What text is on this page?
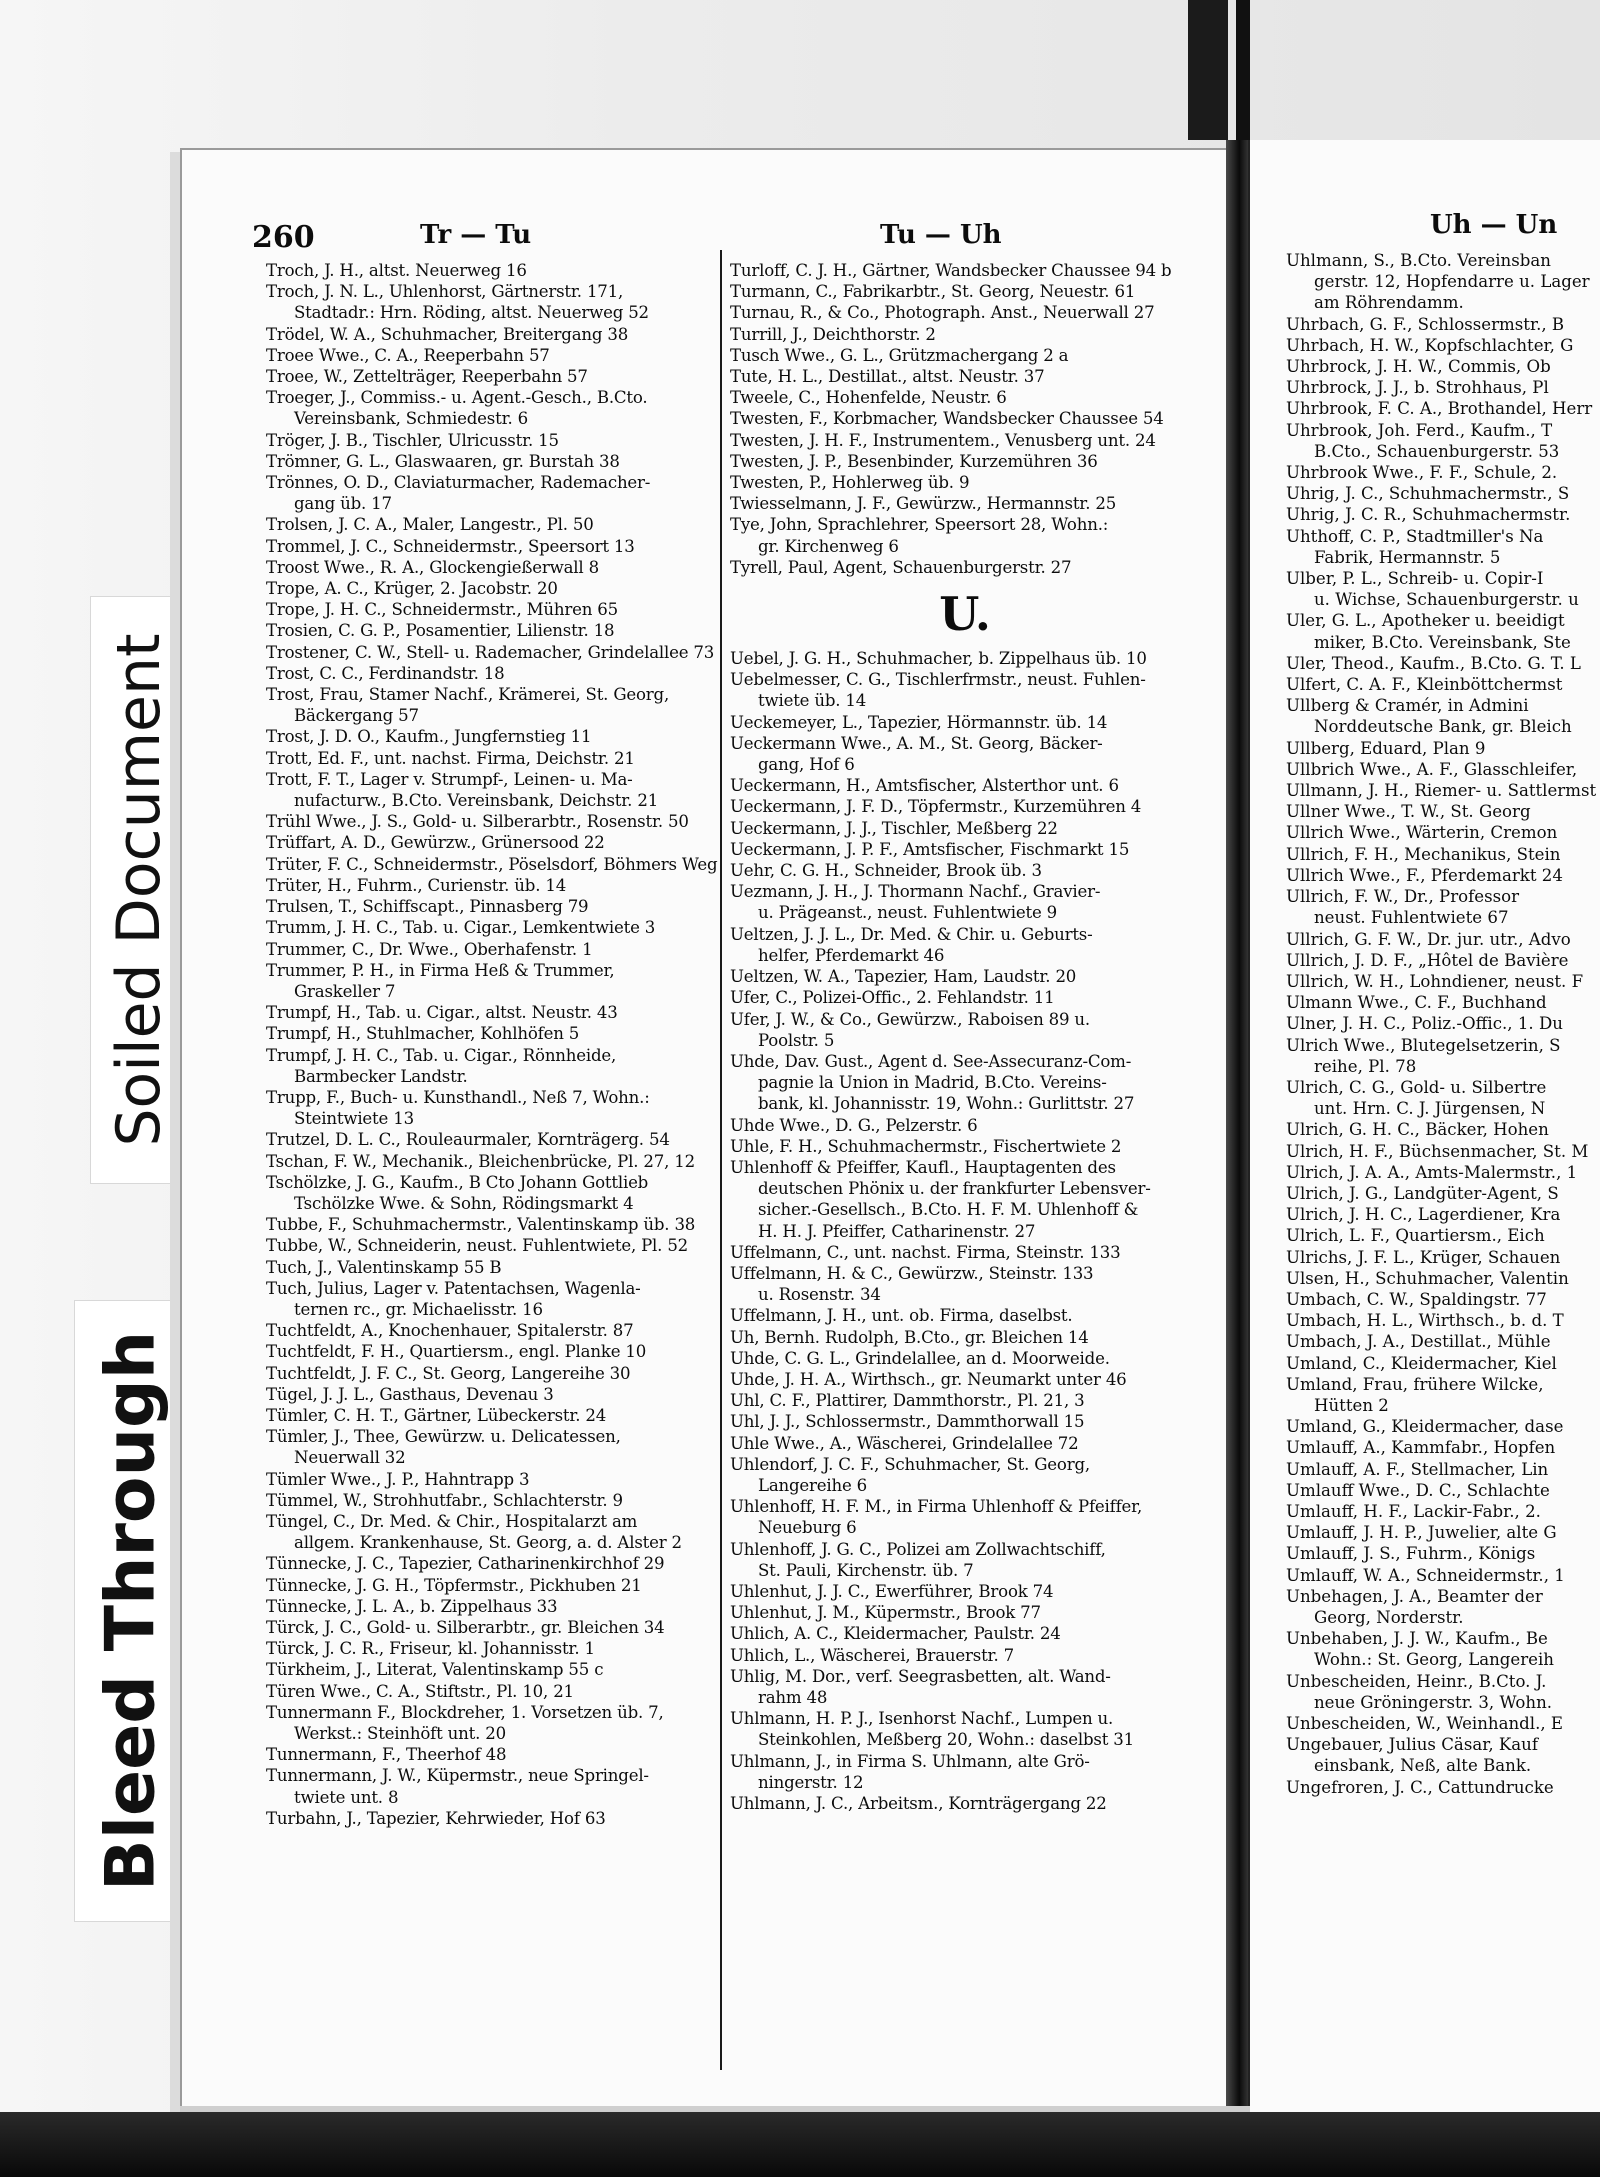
Soiled Document
Bleed Through
260	Tr — Tu	Tu — Uh
Troch, J. H., altst. Neuerweg 16
Troch, J. N. L., Uhlenhorst, Gärtnerstr. 171,
Stadtadr.: Hrn. Röding, altst. Neuerweg 52
Trödel, W. A., Schuhmacher, Breitergang 38
Troee Wwe., C. A., Reeperbahn 57
Troee, W., Zettelträger, Reeperbahn 57
Troeger, J., Commiss.- u. Agent.-Gesch., B.Cto.
Vereinsbank, Schmiedestr. 6
Tröger, J. B., Tischler, Ulricusstr. 15
Trömner, G. L., Glaswaaren, gr. Burstah 38
Trönnes, O. D., Claviaturmacher, Rademacher-
gang üb. 17
Trolsen, J. C. A., Maler, Langestr., Pl. 50
Trommel, J. C., Schneidermstr., Speersort 13
Troost Wwe., R. A., Glockengießerwall 8
Trope, A. C., Krüger, 2. Jacobstr. 20
Trope, J. H. C., Schneidermstr., Mühren 65
Trosien, C. G. P., Posamentier, Lilienstr. 18
Trostener, C. W., Stell- u. Rademacher, Grindelallee 73
Trost, C. C., Ferdinandstr. 18
Trost, Frau, Stamer Nachf., Krämerei, St. Georg,
Bäckergang 57
Trost, J. D. O., Kaufm., Jungfernstieg 11
Trott, Ed. F., unt. nachst. Firma, Deichstr. 21
Trott, F. T., Lager v. Strumpf-, Leinen- u. Ma-
nufacturw., B.Cto. Vereinsbank, Deichstr. 21
Trühl Wwe., J. S., Gold- u. Silberarbtr., Rosenstr. 50
Trüffart, A. D., Gewürzw., Grünersood 22
Trüter, F. C., Schneidermstr., Pöselsdorf, Böhmers Weg
Trüter, H., Fuhrm., Curienstr. üb. 14
Trulsen, T., Schiffscapt., Pinnasberg 79
Trumm, J. H. C., Tab. u. Cigar., Lemkentwiete 3
Trummer, C., Dr. Wwe., Oberhafenstr. 1
Trummer, P. H., in Firma Heß & Trummer,
Graskeller 7
Trumpf, H., Tab. u. Cigar., altst. Neustr. 43
Trumpf, H., Stuhlmacher, Kohlhöfen 5
Trumpf, J. H. C., Tab. u. Cigar., Rönnheide,
Barmbecker Landstr.
Trupp, F., Buch- u. Kunsthandl., Neß 7, Wohn.:
Steintwiete 13
Trutzel, D. L. C., Rouleaurmaler, Kornträgerg. 54
Tschan, F. W., Mechanik., Bleichenbrücke, Pl. 27, 12
Tschölzke, J. G., Kaufm., B Cto Johann Gottlieb
Tschölzke Wwe. & Sohn, Rödingsmarkt 4
Tubbe, F., Schuhmachermstr., Valentinskamp üb. 38
Tubbe, W., Schneiderin, neust. Fuhlentwiete, Pl. 52
Tuch, J., Valentinskamp 55 B
Tuch, Julius, Lager v. Patentachsen, Wagenla-
ternen rc., gr. Michaelisstr. 16
Tuchtfeldt, A., Knochenhauer, Spitalerstr. 87
Tuchtfeldt, F. H., Quartiersm., engl. Planke 10
Tuchtfeldt, J. F. C., St. Georg, Langereihe 30
Tügel, J. J. L., Gasthaus, Devenau 3
Tümler, C. H. T., Gärtner, Lübeckerstr. 24
Tümler, J., Thee, Gewürzw. u. Delicatessen,
Neuerwall 32
Tümler Wwe., J. P., Hahntrapp 3
Tümmel, W., Strohhutfabr., Schlachterstr. 9
Tüngel, C., Dr. Med. & Chir., Hospitalarzt am
allgem. Krankenhause, St. Georg, a. d. Alster 2
Tünnecke, J. C., Tapezier, Catharinenkirchhof 29
Tünnecke, J. G. H., Töpfermstr., Pickhuben 21
Tünnecke, J. L. A., b. Zippelhaus 33
Türck, J. C., Gold- u. Silberarbtr., gr. Bleichen 34
Türck, J. C. R., Friseur, kl. Johannisstr. 1
Türkheim, J., Literat, Valentinskamp 55 c
Türen Wwe., C. A., Stiftstr., Pl. 10, 21
Tunnermann F., Blockdreher, 1. Vorsetzen üb. 7,
Werkst.: Steinhöft unt. 20
Tunnermann, F., Theerhof 48
Tunnermann, J. W., Küpermstr., neue Springel-
twiete unt. 8
Turbahn, J., Tapezier, Kehrwieder, Hof 63
Turloff, C. J. H., Gärtner, Wandsbecker Chaussee 94 b
Turmann, C., Fabrikarbtr., St. Georg, Neuestr. 61
Turnau, R., & Co., Photograph. Anst., Neuerwall 27
Turrill, J., Deichthorstr. 2
Tusch Wwe., G. L., Grützmachergang 2 a
Tute, H. L., Destillat., altst. Neustr. 37
Tweele, C., Hohenfelde, Neustr. 6
Twesten, F., Korbmacher, Wandsbecker Chaussee 54
Twesten, J. H. F., Instrumentem., Venusberg unt. 24
Twesten, J. P., Besenbinder, Kurzemühren 36
Twesten, P., Hohlerweg üb. 9
Twiesselmann, J. F., Gewürzw., Hermannstr. 25
Tye, John, Sprachlehrer, Speersort 28, Wohn.:
gr. Kirchenweg 6
Tyrell, Paul, Agent, Schauenburgerstr. 27
U.
Uebel, J. G. H., Schuhmacher, b. Zippelhaus üb. 10
Uebelmesser, C. G., Tischlerfrmstr., neust. Fuhlen-
twiete üb. 14
Ueckemeyer, L., Tapezier, Hörmannstr. üb. 14
Ueckermann Wwe., A. M., St. Georg, Bäcker-
gang, Hof 6
Ueckermann, H., Amtsfischer, Alsterthor unt. 6
Ueckermann, J. F. D., Töpfermstr., Kurzemühren 4
Ueckermann, J. J., Tischler, Meßberg 22
Ueckermann, J. P. F., Amtsfischer, Fischmarkt 15
Uehr, C. G. H., Schneider, Brook üb. 3
Uezmann, J. H., J. Thormann Nachf., Gravier-
u. Prägeanst., neust. Fuhlentwiete 9
Ueltzen, J. J. L., Dr. Med. & Chir. u. Geburts-
helfer, Pferdemarkt 46
Ueltzen, W. A., Tapezier, Ham, Laudstr. 20
Ufer, C., Polizei-Offic., 2. Fehlandstr. 11
Ufer, J. W., & Co., Gewürzw., Raboisen 89 u.
Poolstr. 5
Uhde, Dav. Gust., Agent d. See-Assecuranz-Com-
pagnie la Union in Madrid, B.Cto. Vereins-
bank, kl. Johannisstr. 19, Wohn.: Gurlittstr. 27
Uhde Wwe., D. G., Pelzerstr. 6
Uhle, F. H., Schuhmachermstr., Fischertwiete 2
Uhlenhoff & Pfeiffer, Kaufl., Hauptagenten des
deutschen Phönix u. der frankfurter Lebensver-
sicher.-Gesellsch., B.Cto. H. F. M. Uhlenhoff &
H. H. J. Pfeiffer, Catharinenstr. 27
Uffelmann, C., unt. nachst. Firma, Steinstr. 133
Uffelmann, H. & C., Gewürzw., Steinstr. 133
u. Rosenstr. 34
Uffelmann, J. H., unt. ob. Firma, daselbst.
Uh, Bernh. Rudolph, B.Cto., gr. Bleichen 14
Uhde, C. G. L., Grindelallee, an d. Moorweide.
Uhde, J. H. A., Wirthsch., gr. Neumarkt unter 46
Uhl, C. F., Plattirer, Dammthorstr., Pl. 21, 3
Uhl, J. J., Schlossermstr., Dammthorwall 15
Uhle Wwe., A., Wäscherei, Grindelallee 72
Uhlendorf, J. C. F., Schuhmacher, St. Georg,
Langereihe 6
Uhlenhoff, H. F. M., in Firma Uhlenhoff & Pfeiffer,
Neueburg 6
Uhlenhoff, J. G. C., Polizei am Zollwachtschiff,
St. Pauli, Kirchenstr. üb. 7
Uhlenhut, J. J. C., Ewerführer, Brook 74
Uhlenhut, J. M., Küpermstr., Brook 77
Uhlich, A. C., Kleidermacher, Paulstr. 24
Uhlich, L., Wäscherei, Brauerstr. 7
Uhlig, M. Dor., verf. Seegrasbetten, alt. Wand-
rahm 48
Uhlmann, H. P. J., Isenhorst Nachf., Lumpen u.
Steinkohlen, Meßberg 20, Wohn.: daselbst 31
Uhlmann, J., in Firma S. Uhlmann, alte Grö-
ningerstr. 12
Uhlmann, J. C., Arbeitsm., Kornträgergang 22
Uh — Un
Uhlmann, S., B.Cto. Vereinsban
gerstr. 12, Hopfendarre u. Lager
am Röhrendamm.
Uhrbach, G. F., Schlossermstr., B
Uhrbach, H. W., Kopfschlachter, G
Uhrbrock, J. H. W., Commis, Ob
Uhrbrock, J. J., b. Strohhaus, Pl
Uhrbrook, F. C. A., Brothandel, Herr
Uhrbrook, Joh. Ferd., Kaufm., T
B.Cto., Schauenburgerstr. 53
Uhrbrook Wwe., F. F., Schule, 2.
Uhrig, J. C., Schuhmachermstr., S
Uhrig, J. C. R., Schuhmachermstr.
Uhthoff, C. P., Stadtmiller's Na
Fabrik, Hermannstr. 5
Ulber, P. L., Schreib- u. Copir-I
u. Wichse, Schauenburgerstr. u
Uler, G. L., Apotheker u. beeidigt
miker, B.Cto. Vereinsbank, Ste
Uler, Theod., Kaufm., B.Cto. G. T. L
Ulfert, C. A. F., Kleinböttchermst
Ullberg & Cramér, in Admini
Norddeutsche Bank, gr. Bleich
Ullberg, Eduard, Plan 9
Ullbrich Wwe., A. F., Glasschleifer,
Ullmann, J. H., Riemer- u. Sattlermst
Ullner Wwe., T. W., St. Georg
Ullrich Wwe., Wärterin, Cremon
Ullrich, F. H., Mechanikus, Stein
Ullrich Wwe., F., Pferdemarkt 24
Ullrich, F. W., Dr., Professor
neust. Fuhlentwiete 67
Ullrich, G. F. W., Dr. jur. utr., Advo
Ullrich, J. D. F., „Hôtel de Bavière
Ullrich, W. H., Lohndiener, neust. F
Ulmann Wwe., C. F., Buchhand
Ulner, J. H. C., Poliz.-Offic., 1. Du
Ulrich Wwe., Blutegelsetzerin, S
reihe, Pl. 78
Ulrich, C. G., Gold- u. Silbertre
unt. Hrn. C. J. Jürgensen, N
Ulrich, G. H. C., Bäcker, Hohen
Ulrich, H. F., Büchsenmacher, St. M
Ulrich, J. A. A., Amts-Malermstr., 1
Ulrich, J. G., Landgüter-Agent, S
Ulrich, J. H. C., Lagerdiener, Kra
Ulrich, L. F., Quartiersm., Eich
Ulrichs, J. F. L., Krüger, Schauen
Ulsen, H., Schuhmacher, Valentin
Umbach, C. W., Spaldingstr. 77
Umbach, H. L., Wirthsch., b. d. T
Umbach, J. A., Destillat., Mühle
Umland, C., Kleidermacher, Kiel
Umland, Frau, frühere Wilcke,
Hütten 2
Umland, G., Kleidermacher, dase
Umlauff, A., Kammfabr., Hopfen
Umlauff, A. F., Stellmacher, Lin
Umlauff Wwe., D. C., Schlachte
Umlauff, H. F., Lackir-Fabr., 2.
Umlauff, J. H. P., Juwelier, alte G
Umlauff, J. S., Fuhrm., Königs
Umlauff, W. A., Schneidermstr., 1
Unbehagen, J. A., Beamter der
Georg, Norderstr.
Unbehaben, J. J. W., Kaufm., Be
Wohn.: St. Georg, Langereih
Unbescheiden, Heinr., B.Cto. J.
neue Gröningerstr. 3, Wohn.
Unbescheiden, W., Weinhandl., E
Ungebauer, Julius Cäsar, Kauf
einsbank, Neß, alte Bank.
Ungefroren, J. C., Cattundrucke
